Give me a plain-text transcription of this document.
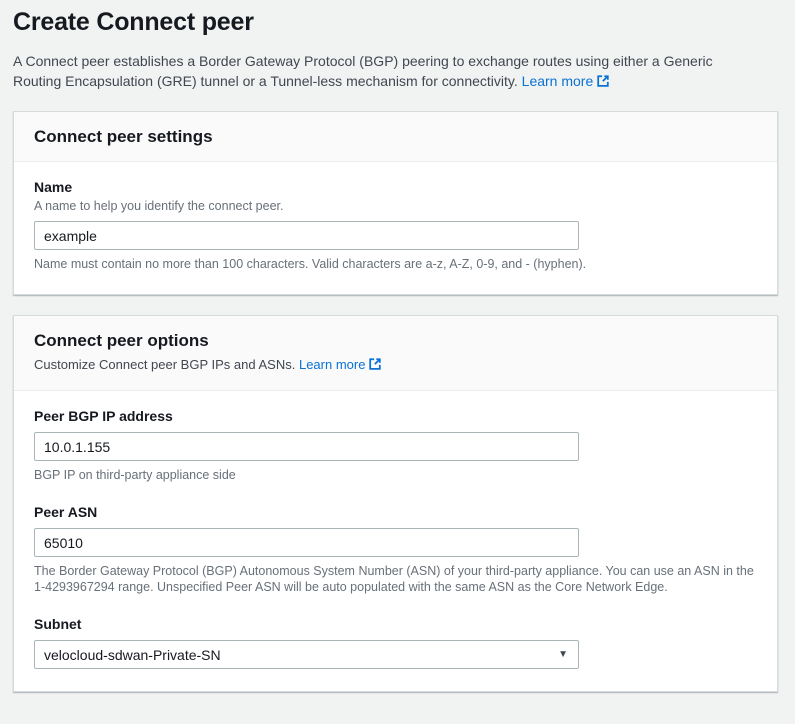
Create Connect peer

A Connect peer establishes a Border Gateway Protocol (BGP) peering to exchange routes using either a Generic Routing Encapsulation (GRE) tunnel or a Tunnel-less mechanism for connectivity. Learn more

Connect peer settings
Name
A name to help you identify the connect peer.
example
Name must contain no more than 100 characters. Valid characters are a-z, A-Z, 0-9, and - (hyphen).
Connect peer options
Customize Connect peer BGP IPs and ASNs. Learn more
Peer BGP IP address
10.0.1.155
BGP IP on third-party appliance side
Peer ASN
65010
The Border Gateway Protocol (BGP) Autonomous System Number (ASN) of your third-party appliance. You can use an ASN in the 1-4293967294 range. Unspecified Peer ASN will be auto populated with the same ASN as the Core Network Edge.
Subnet
velocloud-sdwan-Private-SN	▼
